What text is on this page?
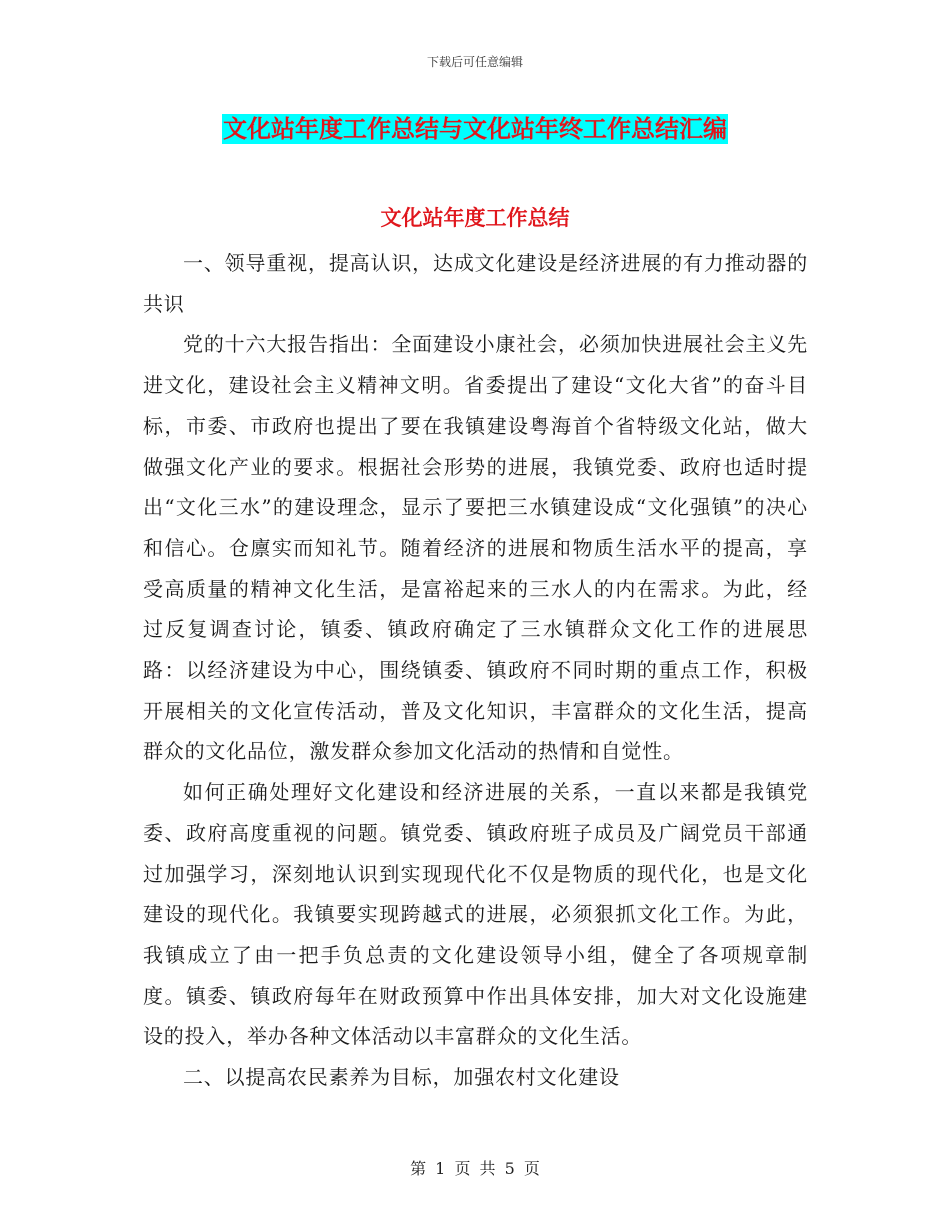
下载后可任意编辑
文化站年度工作总结与文化站年终工作总结汇编
文化站年度工作总结

一、领导重视，提高认识，达成文化建设是经济进展的有力推动器的共识

党的十六大报告指出：全面建设小康社会，必须加快进展社会主义先进文化，建设社会主义精神文明。省委提出了建设“文化大省”的奋斗目标，市委、市政府也提出了要在我镇建设粤海首个省特级文化站，做大做强文化产业的要求。根据社会形势的进展，我镇党委、政府也适时提出“文化三水”的建设理念，显示了要把三水镇建设成“文化强镇”的决心和信心。仓廪实而知礼节。随着经济的进展和物质生活水平的提高，享受高质量的精神文化生活，是富裕起来的三水人的内在需求。为此，经过反复调查讨论，镇委、镇政府确定了三水镇群众文化工作的进展思路：以经济建设为中心，围绕镇委、镇政府不同时期的重点工作，积极开展相关的文化宣传活动，普及文化知识，丰富群众的文化生活，提高群众的文化品位，激发群众参加文化活动的热情和自觉性。

如何正确处理好文化建设和经济进展的关系，一直以来都是我镇党委、政府高度重视的问题。镇党委、镇政府班子成员及广阔党员干部通过加强学习，深刻地认识到实现现代化不仅是物质的现代化，也是文化建设的现代化。我镇要实现跨越式的进展，必须狠抓文化工作。为此，我镇成立了由一把手负总责的文化建设领导小组，健全了各项规章制度。镇委、镇政府每年在财政预算中作出具体安排，加大对文化设施建设的投入，举办各种文体活动以丰富群众的文化生活。

二、以提高农民素养为目标，加强农村文化建设

第 1 页 共 5 页
